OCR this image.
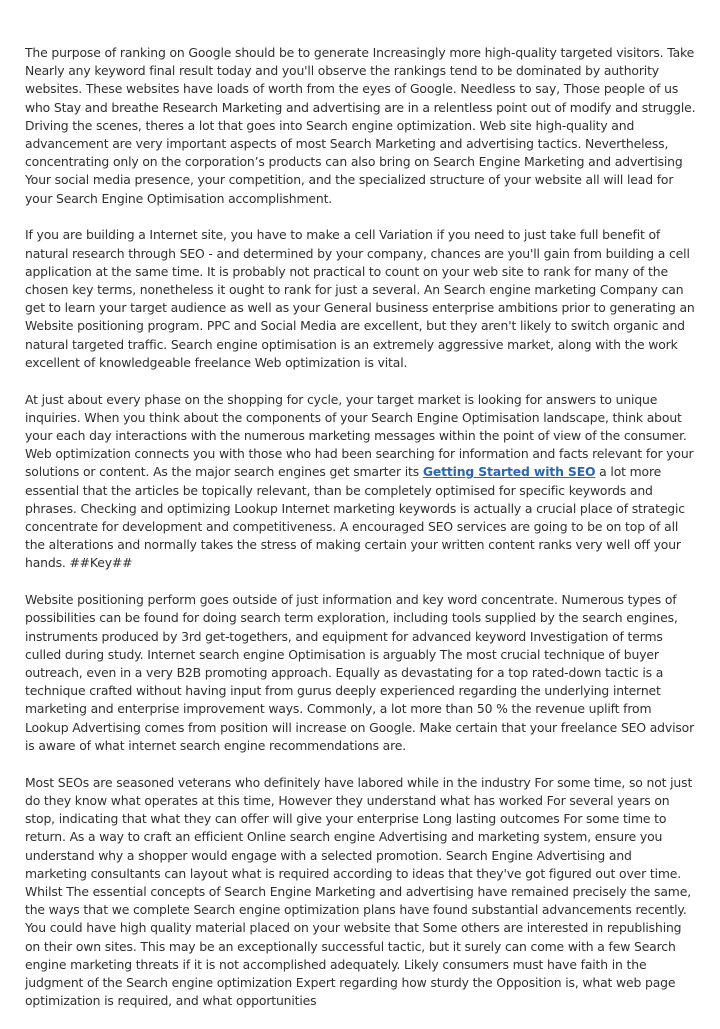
The purpose of ranking on Google should be to generate Increasingly more high-quality targeted visitors. Take Nearly any keyword final result today and you'll observe the rankings tend to be dominated by authority websites. These websites have loads of worth from the eyes of Google. Needless to say, Those people of us who Stay and breathe Research Marketing and advertising are in a relentless point out of modify and struggle. Driving the scenes, theres a lot that goes into Search engine optimization. Web site high-quality and advancement are very important aspects of most Search Marketing and advertising tactics. Nevertheless, concentrating only on the corporation’s products can also bring on Search Engine Marketing and advertising Your social media presence, your competition, and the specialized structure of your website all will lead for your Search Engine Optimisation accomplishment.

If you are building a Internet site, you have to make a cell Variation if you need to just take full benefit of natural research through SEO - and determined by your company, chances are you'll gain from building a cell application at the same time. It is probably not practical to count on your web site to rank for many of the chosen key terms, nonetheless it ought to rank for just a several. An Search engine marketing Company can get to learn your target audience as well as your General business enterprise ambitions prior to generating an Website positioning program. PPC and Social Media are excellent, but they aren't likely to switch organic and natural targeted traffic. Search engine optimisation is an extremely aggressive market, along with the work excellent of knowledgeable freelance Web optimization is vital.

At just about every phase on the shopping for cycle, your target market is looking for answers to unique inquiries. When you think about the components of your Search Engine Optimisation landscape, think about your each day interactions with the numerous marketing messages within the point of view of the consumer. Web optimization connects you with those who had been searching for information and facts relevant for your solutions or content. As the major search engines get smarter its Getting Started with SEO a lot more essential that the articles be topically relevant, than be completely optimised for specific keywords and phrases. Checking and optimizing Lookup Internet marketing keywords is actually a crucial place of strategic concentrate for development and competitiveness. A encouraged SEO services are going to be on top of all the alterations and normally takes the stress of making certain your written content ranks very well off your hands. ##Key##

Website positioning perform goes outside of just information and key word concentrate. Numerous types of possibilities can be found for doing search term exploration, including tools supplied by the search engines, instruments produced by 3rd get-togethers, and equipment for advanced keyword Investigation of terms culled during study. Internet search engine Optimisation is arguably The most crucial technique of buyer outreach, even in a very B2B promoting approach. Equally as devastating for a top rated-down tactic is a technique crafted without having input from gurus deeply experienced regarding the underlying internet marketing and enterprise improvement ways. Commonly, a lot more than 50 % the revenue uplift from Lookup Advertising comes from position will increase on Google. Make certain that your freelance SEO advisor is aware of what internet search engine recommendations are.

Most SEOs are seasoned veterans who definitely have labored while in the industry For some time, so not just do they know what operates at this time, However they understand what has worked For several years on stop, indicating that what they can offer will give your enterprise Long lasting outcomes For some time to return. As a way to craft an efficient Online search engine Advertising and marketing system, ensure you understand why a shopper would engage with a selected promotion. Search Engine Advertising and marketing consultants can layout what is required according to ideas that they've got figured out over time. Whilst The essential concepts of Search Engine Marketing and advertising have remained precisely the same, the ways that we complete Search engine optimization plans have found substantial advancements recently. You could have high quality material placed on your website that Some others are interested in republishing on their own sites. This may be an exceptionally successful tactic, but it surely can come with a few Search engine marketing threats if it is not accomplished adequately. Likely consumers must have faith in the judgment of the Search engine optimization Expert regarding how sturdy the Opposition is, what web page optimization is required, and what opportunities
